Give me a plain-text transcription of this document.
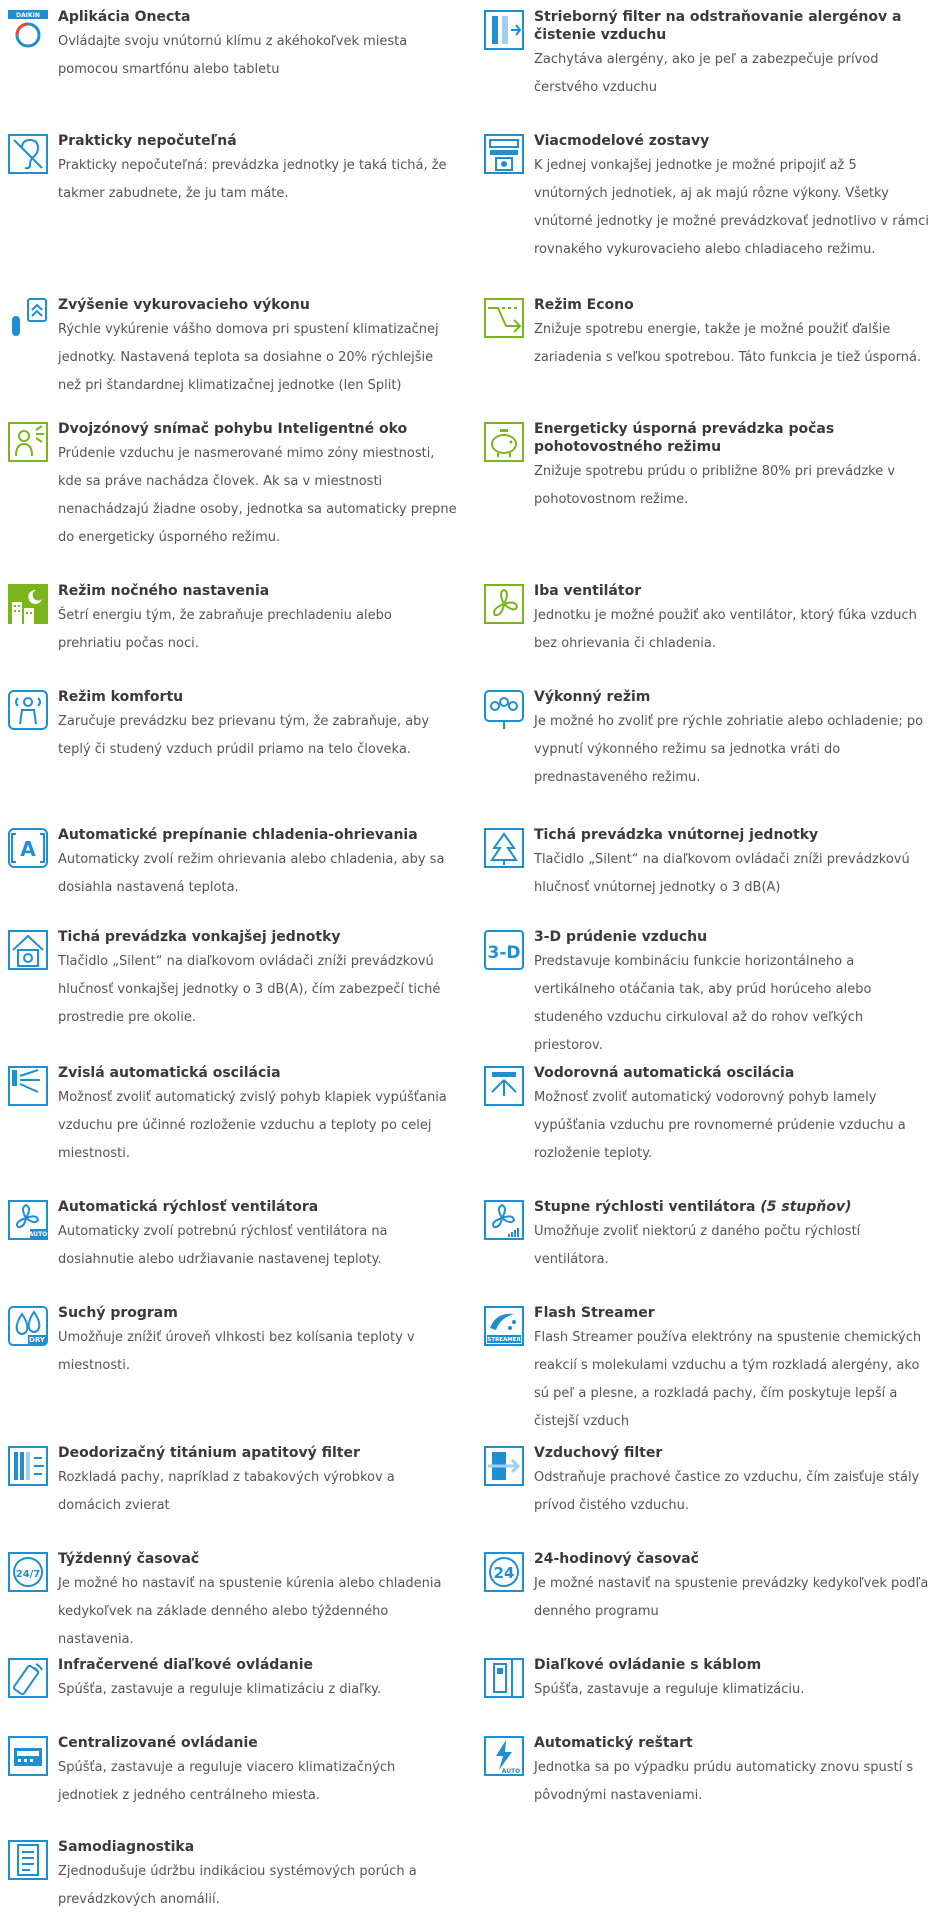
DAIKIN Aplikácia Onecta
Ovládajte svoju vnútornú klímu z akéhokoľvek miesta pomocou smartfónu alebo tabletu
Strieborný filter na odstraňovanie alergénov a čistenie vzduchu
Zachytáva alergény, ako je peľ a zabezpečuje prívod čerstvého vzduchu
Prakticky nepočuteľná
Prakticky nepočuteľná: prevádzka jednotky je taká tichá, že takmer zabudnete, že ju tam máte.
Viacmodelové zostavy
K jednej vonkajšej jednotke je možné pripojiť až 5 vnútorných jednotiek, aj ak majú rôzne výkony. Všetky vnútorné jednotky je možné prevádzkovať jednotlivo v rámci rovnakého vykurovacieho alebo chladiaceho režimu.
Zvýšenie vykurovacieho výkonu
Rýchle vykúrenie vášho domova pri spustení klimatizačnej jednotky. Nastavená teplota sa dosiahne o 20% rýchlejšie než pri štandardnej klimatizačnej jednotke (len Split)
Režim Econo
Znižuje spotrebu energie, takže je možné použiť ďalšie zariadenia s veľkou spotrebou. Táto funkcia je tiež úsporná.
Dvojzónový snímač pohybu Inteligentné oko
Prúdenie vzduchu je nasmerované mimo zóny miestnosti, kde sa práve nachádza človek. Ak sa v miestnosti nenachádzajú žiadne osoby, jednotka sa automaticky prepne do energeticky úsporného režimu.
Energeticky úsporná prevádzka počas pohotovostného režimu
Znižuje spotrebu prúdu o približne 80% pri prevádzke v pohotovostnom režime.
Režim nočného nastavenia
Šetrí energiu tým, že zabraňuje prechladeniu alebo prehriatiu počas noci.
Iba ventilátor
Jednotku je možné použiť ako ventilátor, ktorý fúka vzduch bez ohrievania či chladenia.
Režim komfortu
Zaručuje prevádzku bez prievanu tým, že zabraňuje, aby teplý či studený vzduch prúdil priamo na telo človeka.
Výkonný režim
Je možné ho zvoliť pre rýchle zohriatie alebo ochladenie; po vypnutí výkonného režimu sa jednotka vráti do prednastaveného režimu.
A
Automatické prepínanie chladenia-ohrievania
Automaticky zvolí režim ohrievania alebo chladenia, aby sa dosiahla nastavená teplota.
Tichá prevádzka vnútornej jednotky
Tlačidlo „Silent“ na diaľkovom ovládači zníži prevádzkovú hlučnosť vnútornej jednotky o 3 dB(A)
Tichá prevádzka vonkajšej jednotky
Tlačidlo „Silent“ na diaľkovom ovládači zníži prevádzkovú hlučnosť vonkajšej jednotky o 3 dB(A), čím zabezpečí tiché prostredie pre okolie.
3-D
3-D prúdenie vzduchu
Predstavuje kombináciu funkcie horizontálneho a vertikálneho otáčania tak, aby prúd horúceho alebo studeného vzduchu cirkuloval až do rohov veľkých priestorov.
Zvislá automatická oscilácia
Možnosť zvoliť automatický zvislý pohyb klapiek vypúšťania vzduchu pre účinné rozloženie vzduchu a teploty po celej miestnosti.
Vodorovná automatická oscilácia
Možnosť zvoliť automatický vodorovný pohyb lamely vypúšťania vzduchu pre rovnomerné prúdenie vzduchu a rozloženie teploty.
AUTO
Automatická rýchlosť ventilátora
Automaticky zvolí potrebnú rýchlosť ventilátora na dosiahnutie alebo udržiavanie nastavenej teploty.
Stupne rýchlosti ventilátora (5 stupňov)
Umožňuje zvoliť niektorú z daného počtu rýchlostí ventilátora.
DRY
Suchý program
Umožňuje znížiť úroveň vlhkosti bez kolísania teploty v miestnosti.
STREAMER
Flash Streamer
Flash Streamer používa elektróny na spustenie chemických reakcií s molekulami vzduchu a tým rozkladá alergény, ako sú peľ a plesne, a rozkladá pachy, čím poskytuje lepší a čistejší vzduch
Deodorizačný titánium apatitový filter
Rozkladá pachy, napríklad z tabakových výrobkov a domácich zvierat
Vzduchový filter
Odstraňuje prachové častice zo vzduchu, čím zaisťuje stály prívod čistého vzduchu.
24/7
Týždenný časovač
Je možné ho nastaviť na spustenie kúrenia alebo chladenia kedykoľvek na základe denného alebo týždenného nastavenia.
24
24-hodinový časovač
Je možné nastaviť na spustenie prevádzky kedykoľvek podľa denného programu
Infračervené diaľkové ovládanie
Spúšťa, zastavuje a reguluje klimatizáciu z diaľky.
Diaľkové ovládanie s káblom
Spúšťa, zastavuje a reguluje klimatizáciu.
Centralizované ovládanie
Spúšťa, zastavuje a reguluje viacero klimatizačných jednotiek z jedného centrálneho miesta.
AUTO
Automatický reštart
Jednotka sa po výpadku prúdu automaticky znovu spustí s pôvodnými nastaveniami.
Samodiagnostika
Zjednodušuje údržbu indikáciou systémových porúch a prevádzkových anomálií.
